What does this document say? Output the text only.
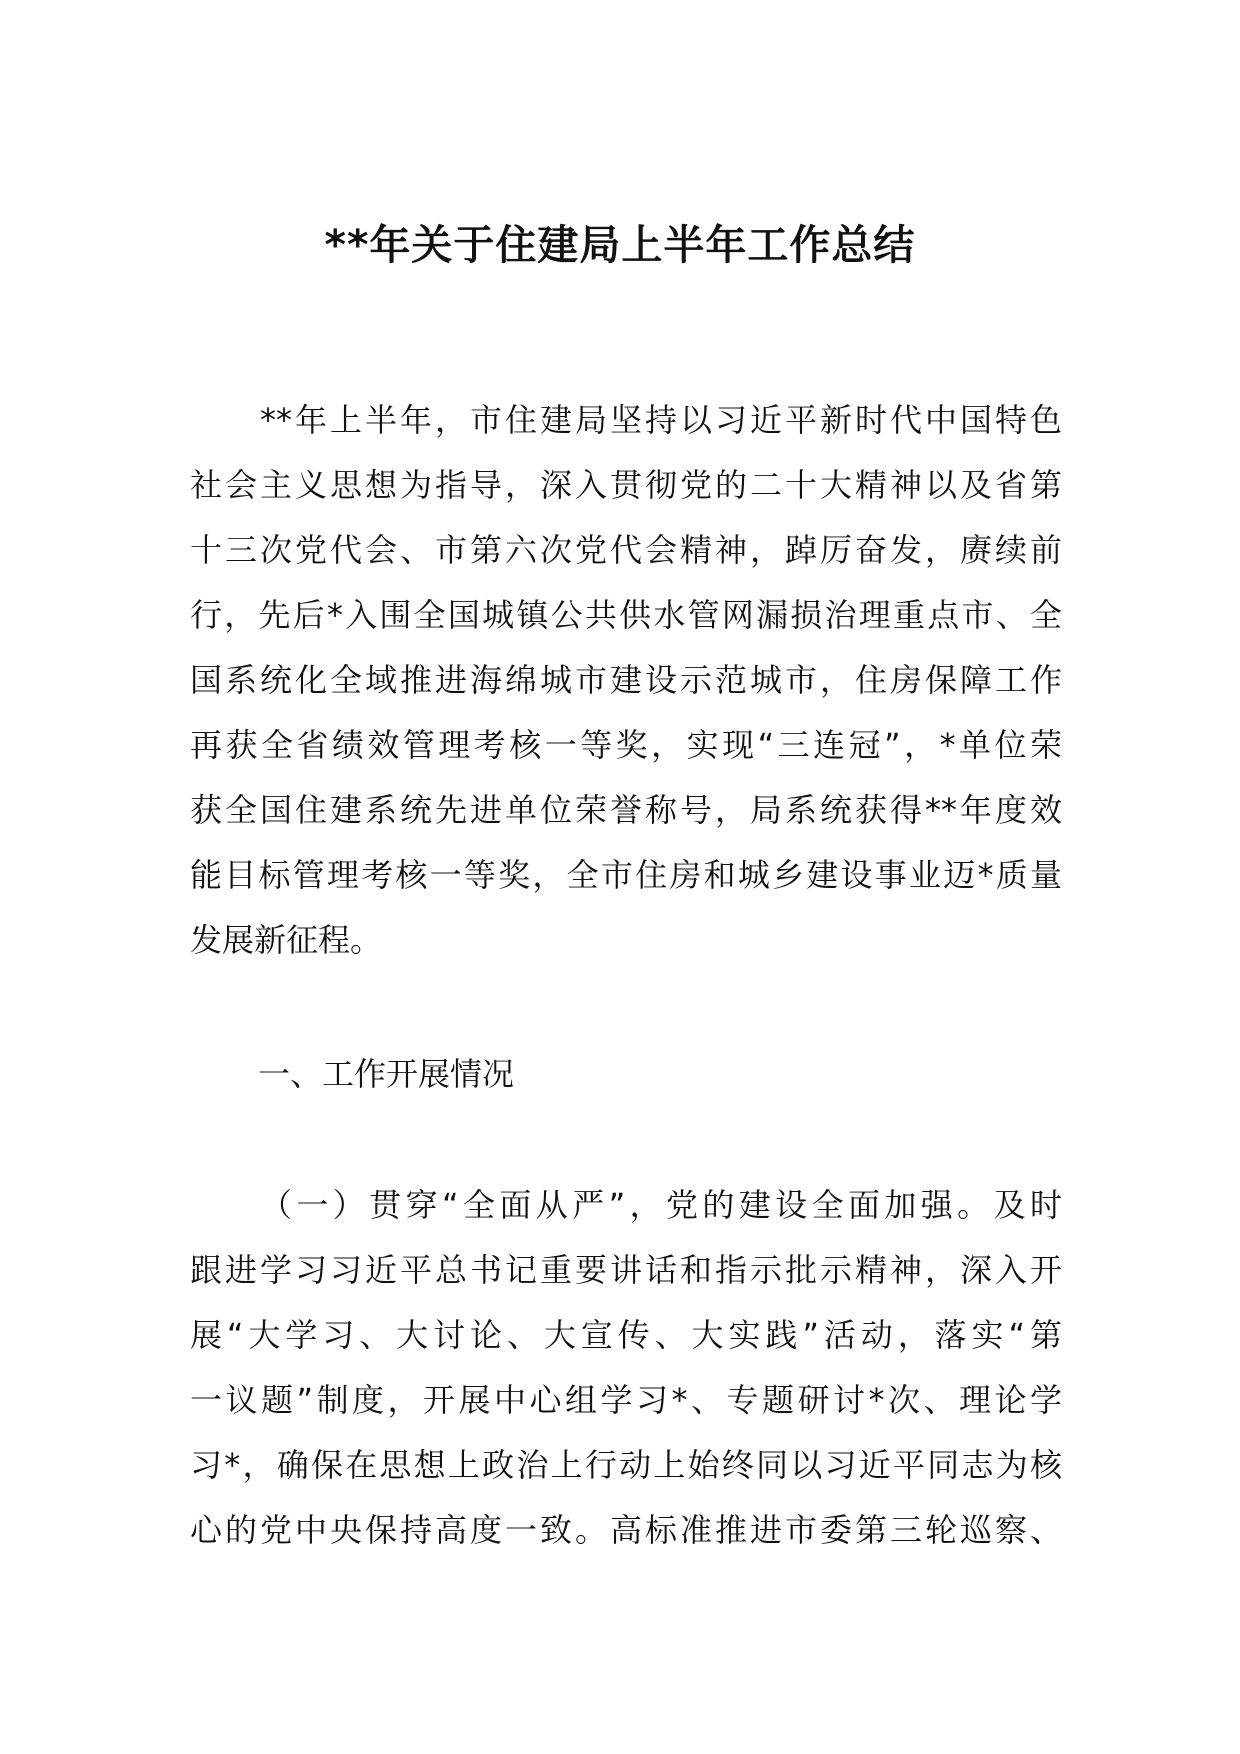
**年关于住建局上半年工作总结
**年上半年，市住建局坚持以习近平新时代中国特色
社会主义思想为指导，深入贯彻党的二十大精神以及省第
十三次党代会、市第六次党代会精神，踔厉奋发，赓续前
行，先后*入围全国城镇公共供水管网漏损治理重点市、全
国系统化全域推进海绵城市建设示范城市，住房保障工作
再获全省绩效管理考核一等奖，实现“三连冠”，*单位荣
获全国住建系统先进单位荣誉称号，局系统获得**年度效
能目标管理考核一等奖，全市住房和城乡建设事业迈*质量
发展新征程。
一、工作开展情况
（一）贯穿“全面从严”，党的建设全面加强。及时
跟进学习习近平总书记重要讲话和指示批示精神，深入开
展“大学习、大讨论、大宣传、大实践”活动，落实“第
一议题”制度，开展中心组学习*、专题研讨*次、理论学
习*，确保在思想上政治上行动上始终同以习近平同志为核
心的党中央保持高度一致。高标准推进市委第三轮巡察、
